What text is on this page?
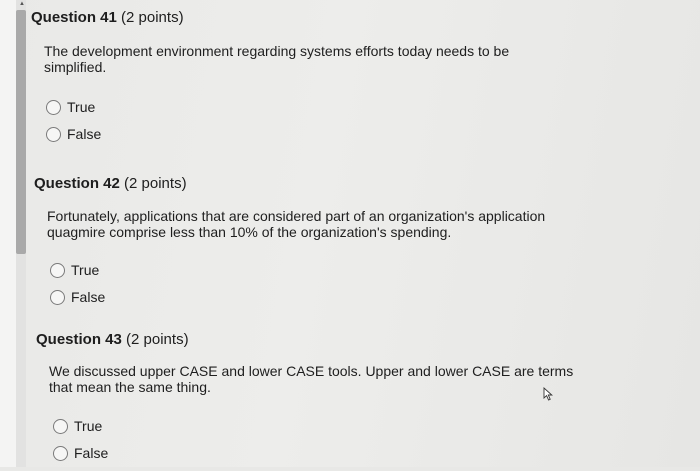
▲
Question 41 (2 points)
The development environment regarding systems efforts today needs to be
simplified.
True
False
Question 42 (2 points)
Fortunately, applications that are considered part of an organization's application
quagmire comprise less than 10% of the organization's spending.
True
False
Question 43 (2 points)
We discussed upper CASE and lower CASE tools. Upper and lower CASE are terms
that mean the same thing.
True
False
